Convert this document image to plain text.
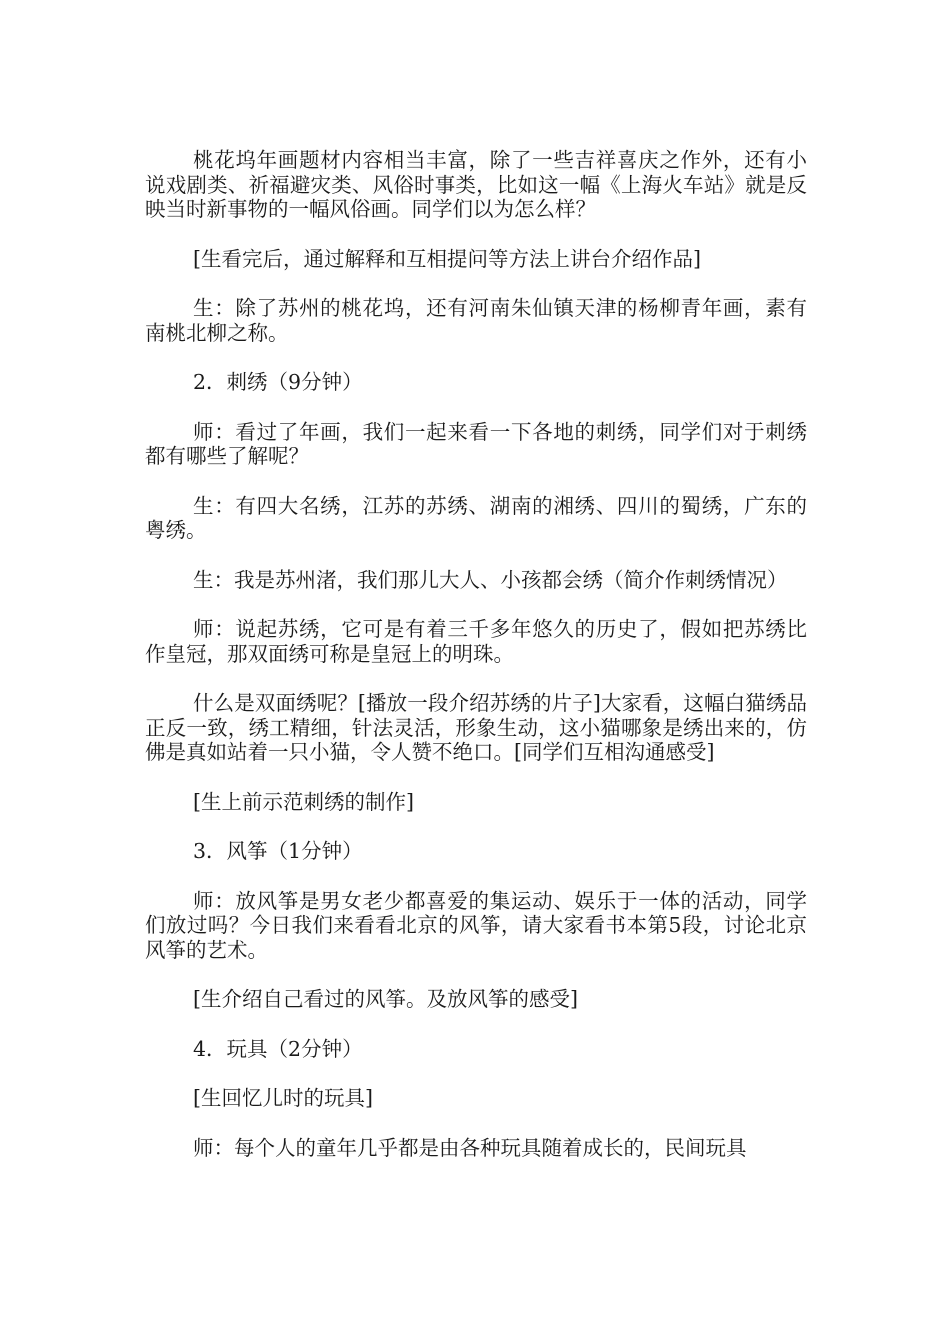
桃花坞年画题材内容相当丰富，除了一些吉祥喜庆之作外，还有小说戏剧类、祈福避灾类、风俗时事类，比如这一幅《上海火车站》就是反映当时新事物的一幅风俗画。同学们以为怎么样？

[生看完后，通过解释和互相提问等方法上讲台介绍作品]

生：除了苏州的桃花坞，还有河南朱仙镇天津的杨柳青年画，素有南桃北柳之称。

2．刺绣（9分钟）

师：看过了年画，我们一起来看一下各地的刺绣，同学们对于刺绣都有哪些了解呢？

生：有四大名绣，江苏的苏绣、湖南的湘绣、四川的蜀绣，广东的粤绣。

生：我是苏州渚，我们那儿大人、小孩都会绣（简介作刺绣情况）

师：说起苏绣，它可是有着三千多年悠久的历史了，假如把苏绣比作皇冠，那双面绣可称是皇冠上的明珠。

什么是双面绣呢？[播放一段介绍苏绣的片子]大家看，这幅白猫绣品正反一致，绣工精细，针法灵活，形象生动，这小猫哪象是绣出来的，仿佛是真如站着一只小猫，令人赞不绝口。[同学们互相沟通感受]

[生上前示范刺绣的制作]

3．风筝（1分钟）

师：放风筝是男女老少都喜爱的集运动、娱乐于一体的活动，同学们放过吗？今日我们来看看北京的风筝，请大家看书本第5段，讨论北京风筝的艺术。

[生介绍自己看过的风筝。及放风筝的感受]

4．玩具（2分钟）

[生回忆儿时的玩具]

师：每个人的童年几乎都是由各种玩具随着成长的，民间玩具
